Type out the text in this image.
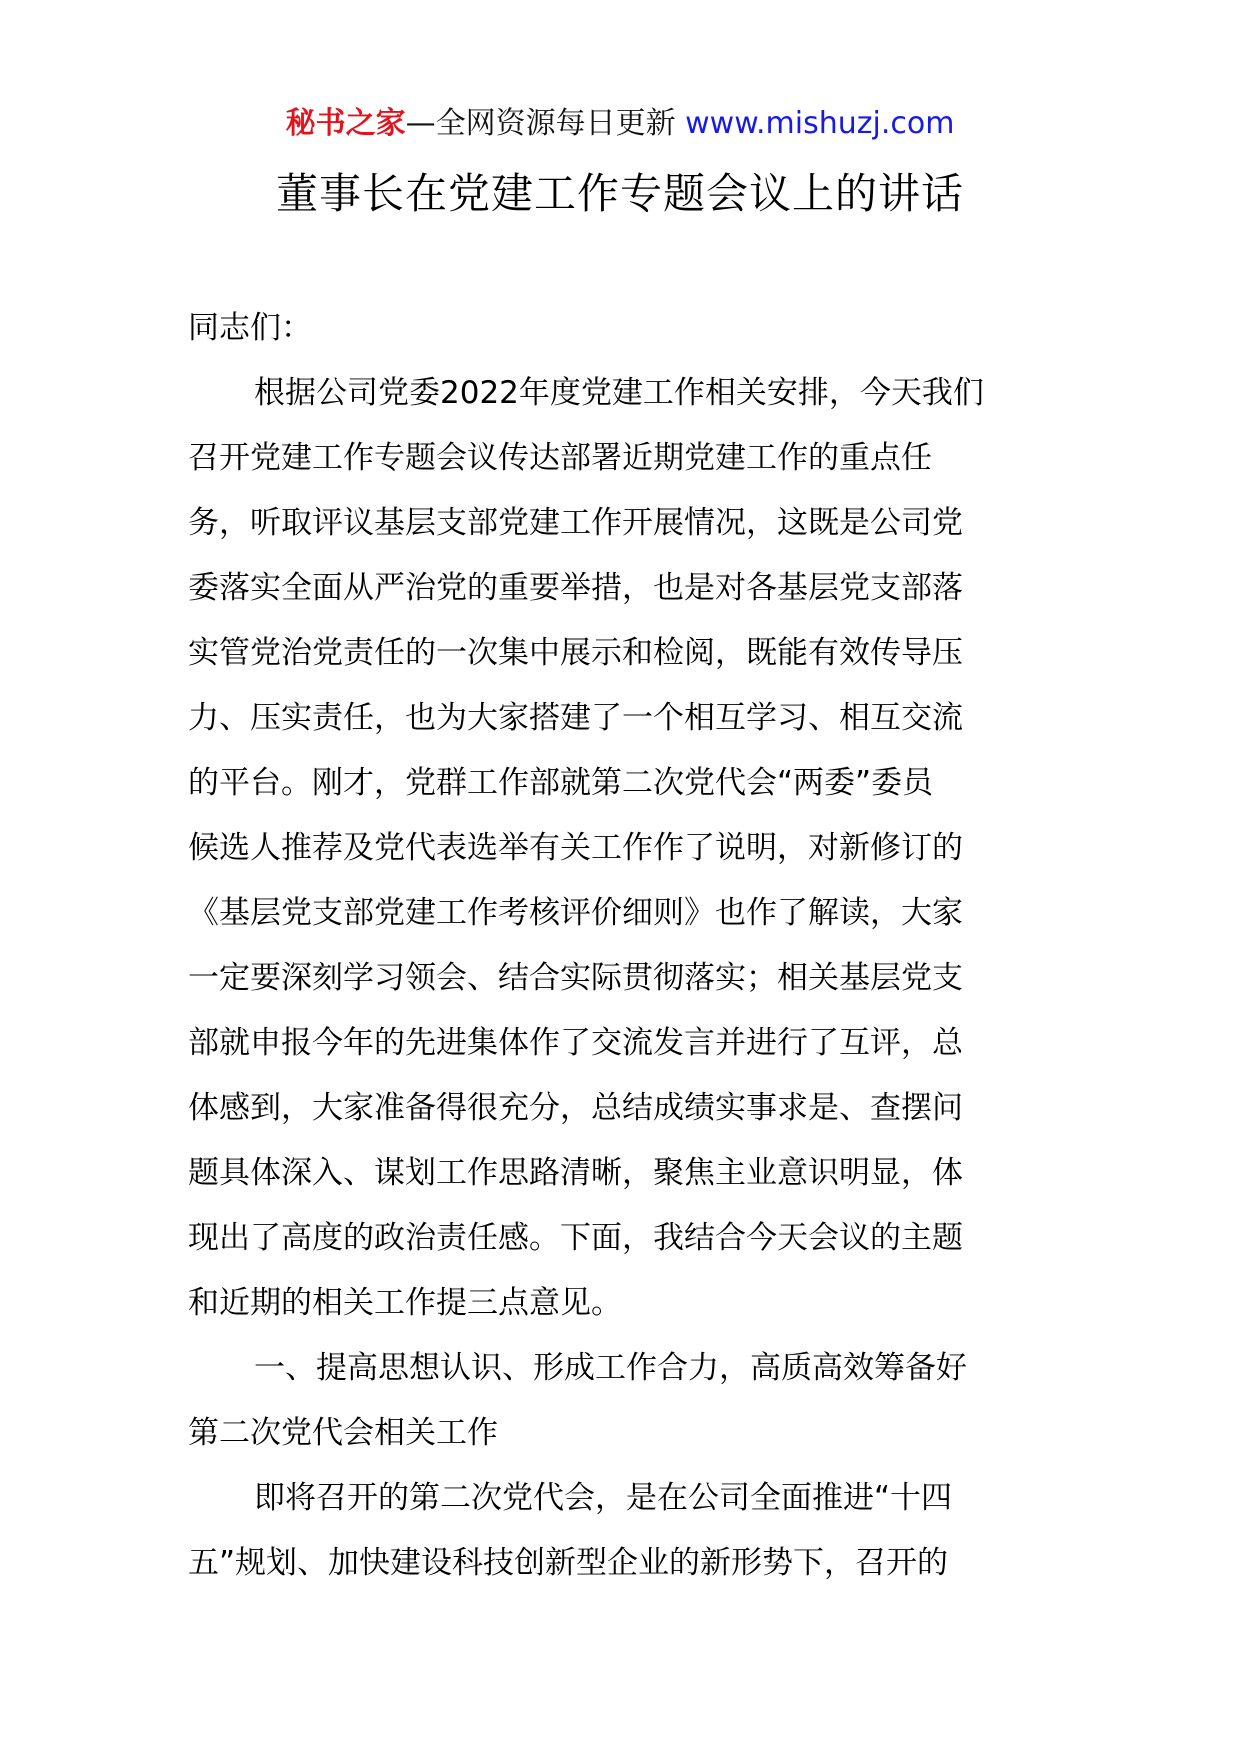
秘书之家—全网资源每日更新 www.mishuzj.com
董事长在党建工作专题会议上的讲话
同志们：
根据公司党委2022年度党建工作相关安排，今天我们
召开党建工作专题会议传达部署近期党建工作的重点任
务，听取评议基层支部党建工作开展情况，这既是公司党
委落实全面从严治党的重要举措，也是对各基层党支部落
实管党治党责任的一次集中展示和检阅，既能有效传导压
力、压实责任，也为大家搭建了一个相互学习、相互交流
的平台。刚才，党群工作部就第二次党代会“两委”委员
候选人推荐及党代表选举有关工作作了说明，对新修订的
《基层党支部党建工作考核评价细则》也作了解读，大家
一定要深刻学习领会、结合实际贯彻落实；相关基层党支
部就申报今年的先进集体作了交流发言并进行了互评，总
体感到，大家准备得很充分，总结成绩实事求是、查摆问
题具体深入、谋划工作思路清晰，聚焦主业意识明显，体
现出了高度的政治责任感。下面，我结合今天会议的主题
和近期的相关工作提三点意见。
一、提高思想认识、形成工作合力，高质高效筹备好
第二次党代会相关工作
即将召开的第二次党代会，是在公司全面推进“十四
五”规划、加快建设科技创新型企业的新形势下，召开的
